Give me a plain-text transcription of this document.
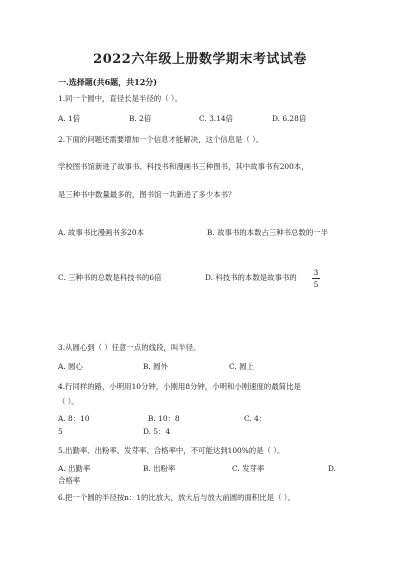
2022六年级上册数学期末考试试卷
一.选择题(共6题，共12分)
1.同一个圆中，直径长是半径的（ ）。
A. 1倍	B. 2倍	C. 3.14倍	D. 6.28倍
2.下面的问题还需要增加一个信息才能解决，这个信息是（ ）。
学校图书馆新进了故事书、科技书和漫画书三种图书，其中故事书有200本，
是三种书中数量最多的，图书馆一共新进了多少本书？
A. 故事书比漫画书多20本	B. 故事书的本数占三种书总数的一半
C. 三种书的总数是科技书的6倍	D. 科技书的本数是故事书的
3
5
3.从圆心到（ ）任意一点的线段，叫半径。
A. 圆心	B. 圆外	C. 圆上
4.行同样的路，小明用10分钟，小刚用8分钟，小明和小刚速度的最简比是
（ ）。
A. 8：10	B. 10：8	C. 4：
5	D. 5：4
5.出勤率、出粉率、发芽率、合格率中，不可能达到100%的是（ ）。
A. 出勤率	B. 出粉率	C. 发芽率	D.
合格率
6.把一个圆的半径按n：1的比放大，放大后与放大前圆的面积比是（ ）。
